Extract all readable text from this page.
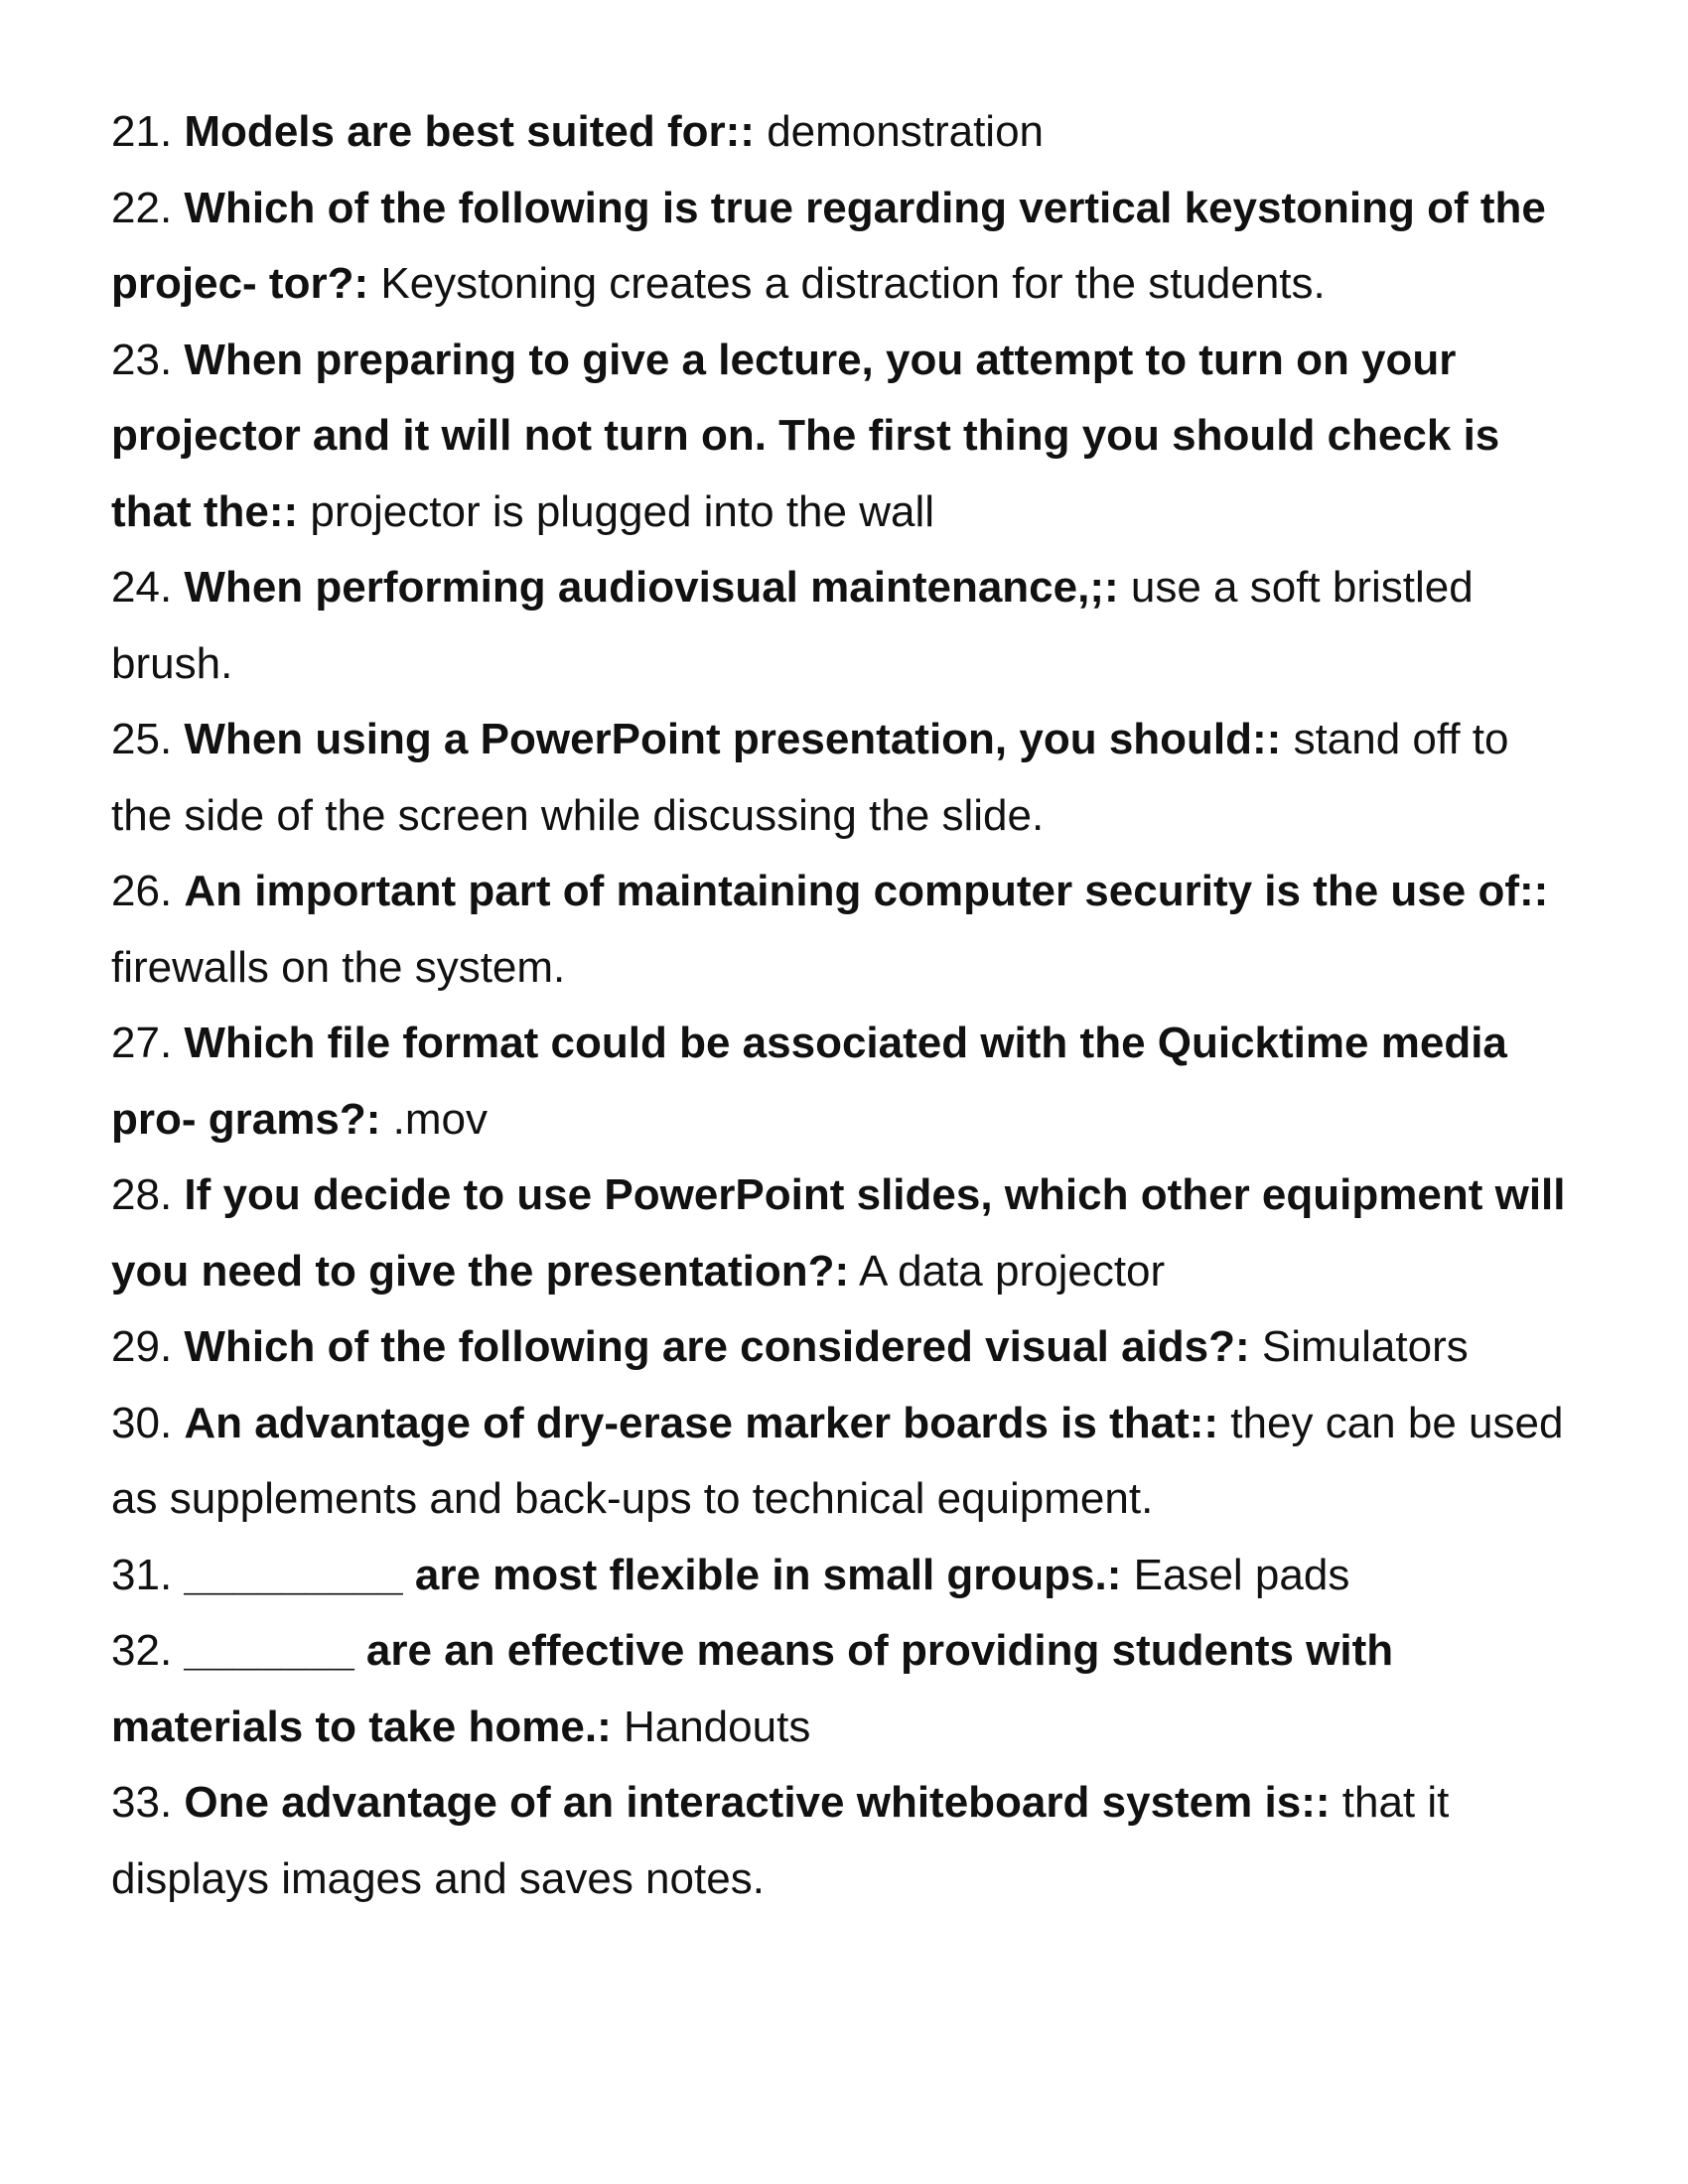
21. Models are best suited for:: demonstration

22. Which of the following is true regarding vertical keystoning of the projec- tor?: Keystoning creates a distraction for the students.

23. When preparing to give a lecture, you attempt to turn on your projector and it will not turn on. The first thing you should check is that the:: projector is plugged into the wall

24. When performing audiovisual maintenance,;: use a soft bristled brush.

25. When using a PowerPoint presentation, you should:: stand off to the side of the screen while discussing the slide.

26. An important part of maintaining computer security is the use of:: firewalls on the system.

27. Which file format could be associated with the Quicktime media pro- grams?: .mov

28. If you decide to use PowerPoint slides, which other equipment will you need to give the presentation?: A data projector

29. Which of the following are considered visual aids?: Simulators

30. An advantage of dry-erase marker boards is that:: they can be used as supplements and back-ups to technical equipment.

31. _________ are most flexible in small groups.: Easel pads

32. _______ are an effective means of providing students with materials to take home.: Handouts

33. One advantage of an interactive whiteboard system is:: that it displays images and saves notes.
